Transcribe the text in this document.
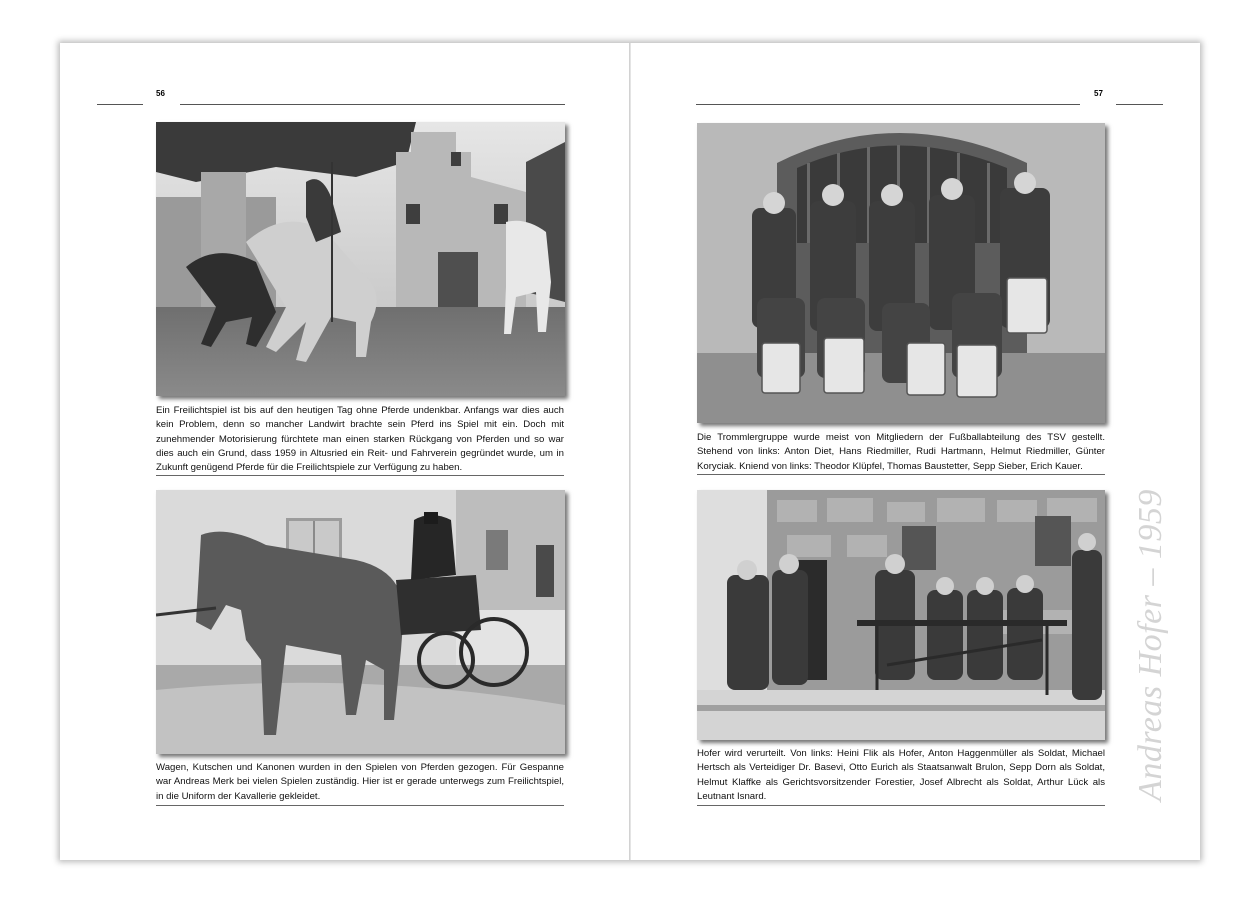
56	57
Ein Freilichtspiel ist bis auf den heutigen Tag ohne Pferde undenkbar. Anfangs war dies auch kein Problem, denn so mancher Landwirt brachte sein Pferd ins Spiel mit ein. Doch mit zunehmender Motorisierung fürchtete man einen starken Rückgang von Pferden und so war dies auch ein Grund, dass 1959 in Altusried ein Reit- und Fahrverein gegründet wurde, um in Zukunft genügend Pferde für die Freilichtspiele zur Verfügung zu haben.
Wagen, Kutschen und Kanonen wurden in den Spielen von Pferden gezogen. Für Gespanne war Andreas Merk bei vielen Spielen zuständig. Hier ist er gerade unterwegs zum Freilichtspiel, in die Uniform der Kavallerie gekleidet.
Die Trommlergruppe wurde meist von Mitgliedern der Fußballabteilung des TSV gestellt. Stehend von links: Anton Diet, Hans Riedmiller, Rudi Hartmann, Helmut Riedmiller, Günter Koryciak. Kniend von links: Theodor Klüpfel, Thomas Baustetter, Sepp Sieber, Erich Kauer.
Hofer wird verurteilt. Von links: Heini Flik als Hofer, Anton Haggenmüller als Soldat, Michael Hertsch als Verteidiger Dr. Basevi, Otto Eurich als Staatsanwalt Brulon, Sepp Dorn als Soldat, Helmut Klaffke als Gerichtsvorsitzender Forestier, Josef Albrecht als Soldat, Arthur Lück als Leutnant Isnard.	Andreas Hofer – 1959
